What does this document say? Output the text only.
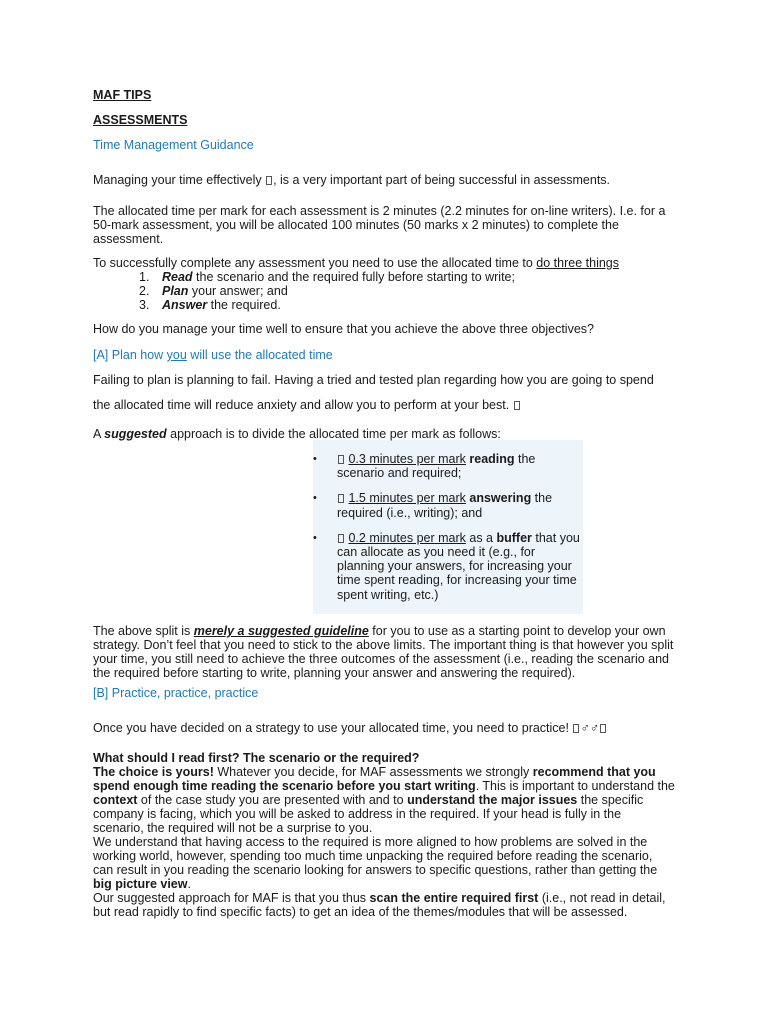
MAF TIPS
ASSESSMENTS
Time Management Guidance
Managing your time effectively , is a very important part of being successful in assessments.
The allocated time per mark for each assessment is 2 minutes (2.2 minutes for on-line writers). I.e. for a 50-mark assessment, you will be allocated 100 minutes (50 marks x 2 minutes) to complete the assessment.
To successfully complete any assessment you need to use the allocated time to do three things
1. Read the scenario and the required fully before starting to write;
2. Plan your answer; and
3. Answer the required.
How do you manage your time well to ensure that you achieve the above three objectives?
[A] Plan how you will use the allocated time
Failing to plan is planning to fail. Having a tried and tested plan regarding how you are going to spend
the allocated time will reduce anxiety and allow you to perform at your best.
A suggested approach is to divide the allocated time per mark as follows:
•	0.3 minutes per mark reading the scenario and required;
•	1.5 minutes per mark answering the required (i.e., writing); and
•	0.2 minutes per mark as a buffer that you can allocate as you need it (e.g., for planning your answers, for increasing your time spent reading, for increasing your time spent writing, etc.)
The above split is merely a suggested guideline for you to use as a starting point to develop your own strategy. Don’t feel that you need to stick to the above limits. The important thing is that however you split your time, you still need to achieve the three outcomes of the assessment (i.e., reading the scenario and the required before starting to write, planning your answer and answering the required).
[B] Practice, practice, practice
Once you have decided on a strategy to use your allocated time, you need to practice! ♂♂
What should I read first? The scenario or the required?
The choice is yours! Whatever you decide, for MAF assessments we strongly recommend that you spend enough time reading the scenario before you start writing. This is important to understand the context of the case study you are presented with and to understand the major issues the specific company is facing, which you will be asked to address in the required. If your head is fully in the scenario, the required will not be a surprise to you.
We understand that having access to the required is more aligned to how problems are solved in the working world, however, spending too much time unpacking the required before reading the scenario, can result in you reading the scenario looking for answers to specific questions, rather than getting the big picture view.
Our suggested approach for MAF is that you thus scan the entire required first (i.e., not read in detail, but read rapidly to find specific facts) to get an idea of the themes/modules that will be assessed.
